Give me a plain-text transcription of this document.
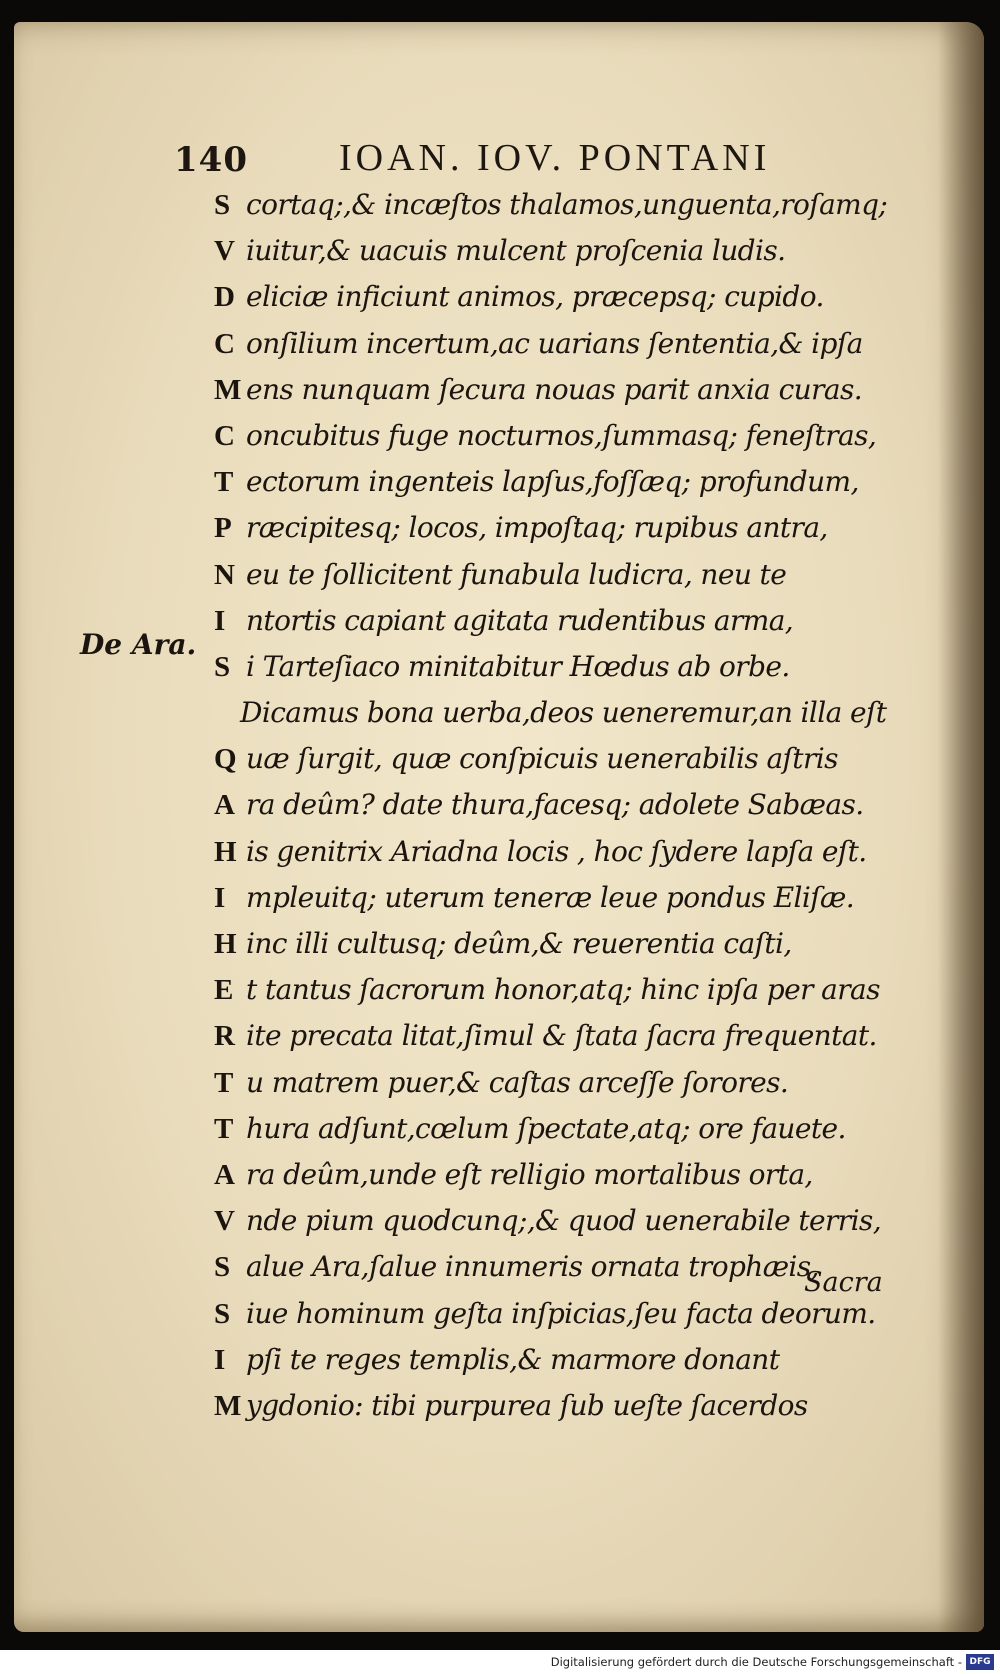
140 IOAN. IOV. PONTANI
De Ara.
S cortaq;,& incæſtos thalamos,unguenta,roſamq;
V iuitur,& uacuis mulcent proſcenia ludis.
D eliciæ inficiunt animos, præcepsq; cupido.
C onſilium incertum,ac uarians ſententia,& ipſa
M ens nunquam ſecura nouas parit anxia curas.
C oncubitus fuge nocturnos,ſummasq; feneſtras,
T ectorum ingenteis lapſus,foſſæq; profundum,
P ræcipitesq; locos, impoſtaq; rupibus antra,
N eu te ſollicitent funabula ludicra, neu te
I ntortis capiant agitata rudentibus arma,
S i Tarteſiaco minitabitur Hœdus ab orbe.
Dicamus bona uerba,deos ueneremur,an illa eſt
Q uæ ſurgit, quæ conſpicuis uenerabilis aſtris
A ra deûm? date thura,facesq; adolete Sabæas.
H is genitrix Ariadna locis , hoc ſydere lapſa eſt.
I mpleuitq; uterum teneræ leue pondus Eliſæ.
H inc illi cultusq; deûm,& reuerentia caſti,
E t tantus ſacrorum honor,atq; hinc ipſa per aras
R ite precata litat,ſimul & ſtata ſacra frequentat.
T u matrem puer,& caſtas arceſſe ſorores.
T hura adſunt,cœlum ſpectate,atq; ore fauete.
A ra deûm,unde eſt relligio mortalibus orta,
V nde pium quodcunq;,& quod uenerabile terris,
S alue Ara,ſalue innumeris ornata trophæis,
S iue hominum geſta inſpicias,ſeu facta deorum.
I pſi te reges templis,& marmore donant
M ygdonio: tibi purpurea ſub ueſte ſacerdos
Sacra
Digitalisierung gefördert durch die Deutsche Forschungsgemeinschaft - DFG
